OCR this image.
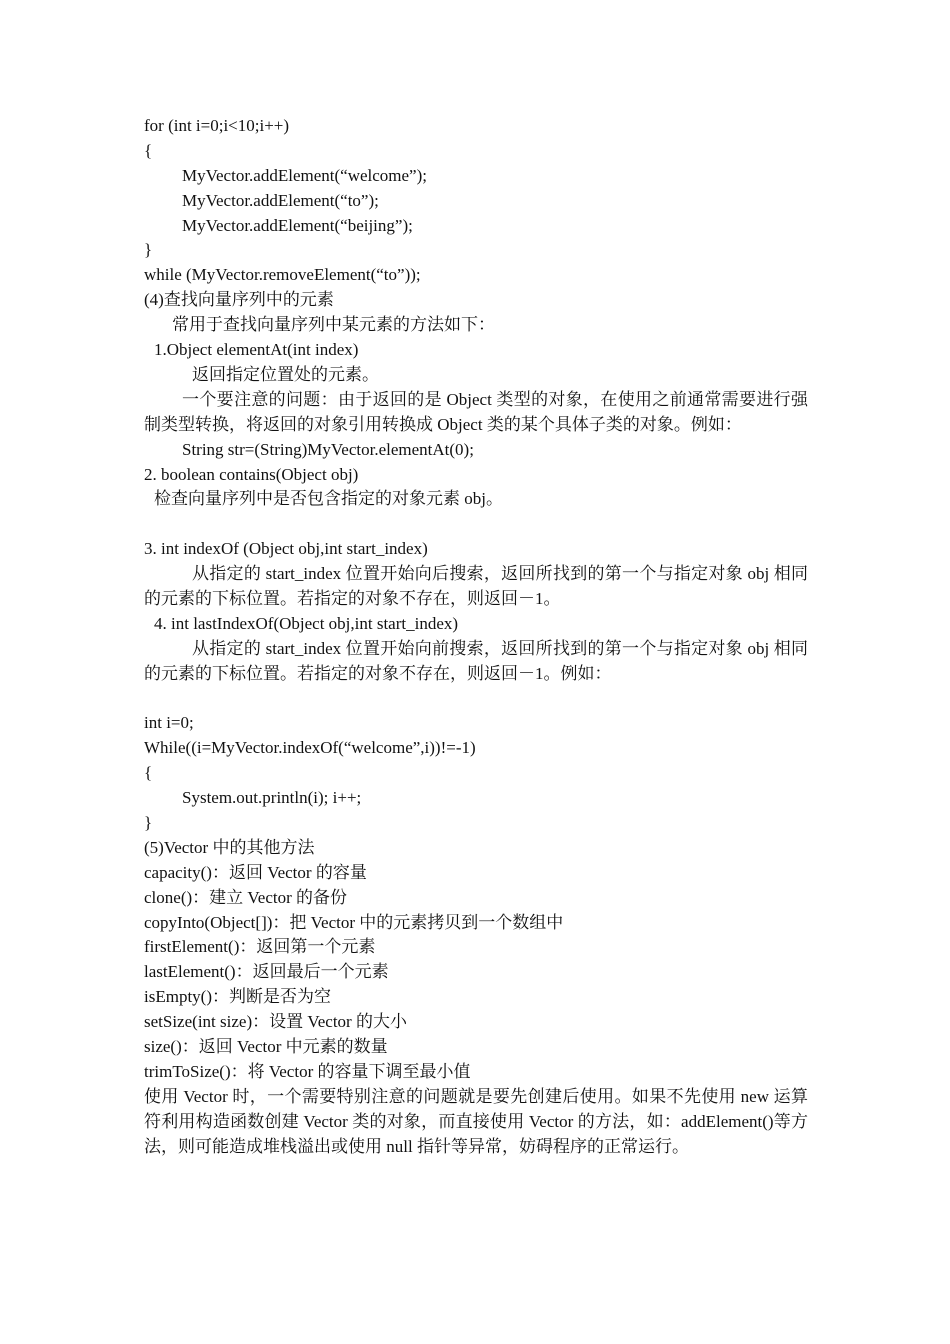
for (int i=0;i<10;i++)
{
MyVector.addElement(“welcome”);
MyVector.addElement(“to”);
MyVector.addElement(“beijing”);
}
while (MyVector.removeElement(“to”));
(4)查找向量序列中的元素
常用于查找向量序列中某元素的方法如下：
1.Object elementAt(int index)
返回指定位置处的元素。
一个要注意的问题：由于返回的是 Object 类型的对象，在使用之前通常需要进行强制类型转换，将返回的对象引用转换成 Object 类的某个具体子类的对象。例如：
String str=(String)MyVector.elementAt(0);
2. boolean contains(Object obj)
检查向量序列中是否包含指定的对象元素 obj。
3. int indexOf (Object obj,int start_index)
从指定的 start_index 位置开始向后搜索，返回所找到的第一个与指定对象 obj 相同的元素的下标位置。若指定的对象不存在，则返回－1。
4. int lastIndexOf(Object obj,int start_index)
从指定的 start_index 位置开始向前搜索，返回所找到的第一个与指定对象 obj 相同的元素的下标位置。若指定的对象不存在，则返回－1。例如：
int i=0;
While((i=MyVector.indexOf(“welcome”,i))!=-1)
{
System.out.println(i); i++;
}
(5)Vector 中的其他方法
capacity()：返回 Vector 的容量
clone()：建立 Vector 的备份
copyInto(Object[])：把 Vector 中的元素拷贝到一个数组中
firstElement()：返回第一个元素
lastElement()：返回最后一个元素
isEmpty()：判断是否为空
setSize(int size)：设置 Vector 的大小
size()：返回 Vector 中元素的数量
trimToSize()：将 Vector 的容量下调至最小值
使用 Vector 时，一个需要特别注意的问题就是要先创建后使用。如果不先使用 new 运算符利用构造函数创建 Vector 类的对象，而直接使用 Vector 的方法，如：addElement()等方法，则可能造成堆栈溢出或使用 null 指针等异常，妨碍程序的正常运行。
